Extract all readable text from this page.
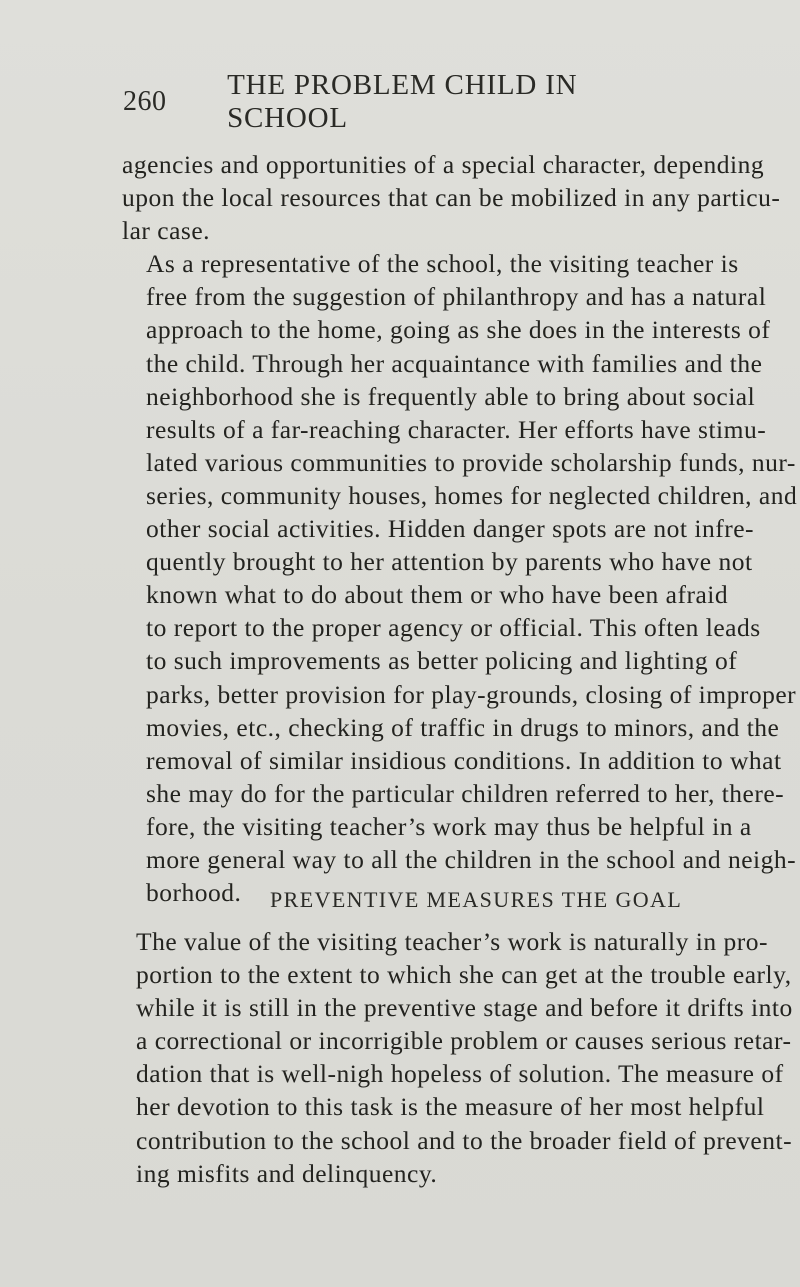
260
THE PROBLEM CHILD IN SCHOOL

agencies and opportunities of a special character, depending
upon the local resources that can be mobilized in any particu-
lar case.

As a representative of the school, the visiting teacher is
free from the suggestion of philanthropy and has a natural
approach to the home, going as she does in the interests of
the child. Through her acquaintance with families and the
neighborhood she is frequently able to bring about social
results of a far-reaching character. Her efforts have stimu-
lated various communities to provide scholarship funds, nur-
series, community houses, homes for neglected children, and
other social activities. Hidden danger spots are not infre-
quently brought to her attention by parents who have not
known what to do about them or who have been afraid
to report to the proper agency or official. This often leads
to such improvements as better policing and lighting of
parks, better provision for play-grounds, closing of improper
movies, etc., checking of traffic in drugs to minors, and the
removal of similar insidious conditions. In addition to what
she may do for the particular children referred to her, there-
fore, the visiting teacher’s work may thus be helpful in a
more general way to all the children in the school and neigh-
borhood.	PREVENTIVE MEASURES THE GOAL

The value of the visiting teacher’s work is naturally in pro-
portion to the extent to which she can get at the trouble early,
while it is still in the preventive stage and before it drifts into
a correctional or incorrigible problem or causes serious retar-
dation that is well-nigh hopeless of solution. The measure of
her devotion to this task is the measure of her most helpful
contribution to the school and to the broader field of prevent-
ing misfits and delinquency.
